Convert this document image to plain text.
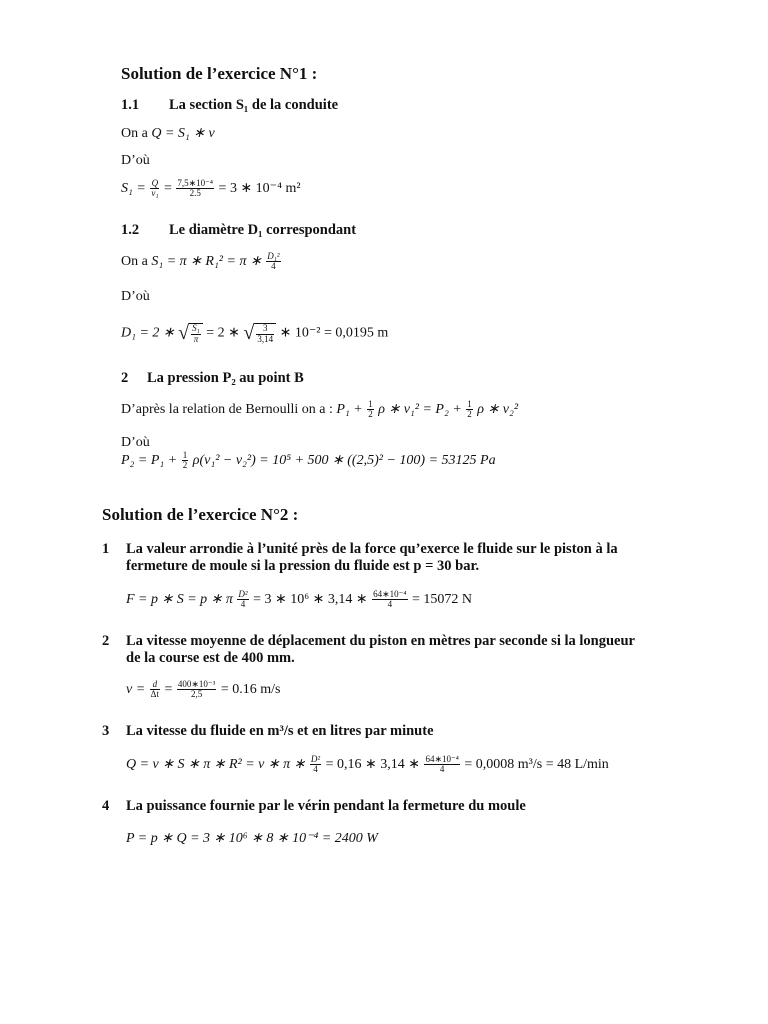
Solution de l’exercice N°1 :
1.1 La section S₁ de la conduite
On a Q = S₁ ∗ v
D’où
$S_1 = \frac{Q}{\text{v₁}} = \frac{\text{7,5∗10⁻⁴}}{2.5} = 3$ ∗ 10⁻⁴ m²
1.2 Le diamètre D₁ correspondant
On a S₁ = π ∗ R₁² = π ∗ $\frac{\text{D₁²}}{4}$
D’où
D₁ = 2 ∗ √ $\frac{\text{S₁}}{\pi} = 2$ ∗ √ $\frac{3}{3,14}$ ∗ 10⁻² = 0,0195 m
2 La pression P₂ au point B
D’après la relation de Bernoulli on a : $P_1 + \frac{1}{2}$ ρ ∗ $v_1^2 = P_2 + \frac{1}{2}$ ρ ∗ v₂²
D’où
$P_2 = P_1 + \frac{1}{2} \rho(v_1^2 - v_2^2) = 10^5 + 500$ ∗ ((2,5)² − 100) = 53125 Pa
Solution de l’exercice N°2 :
1 La valeur arrondie à l’unité près de la force qu’exerce le fluide sur le piston à la
fermeture de moule si la pression du fluide est p = 30 bar.
F = p ∗ S = p ∗ π $\frac{\text{D²}}{4} = 3$ ∗ 10⁶ ∗ 3,14 ∗ $\frac{\text{64∗10⁻⁴}}{4} = 15072$ N
2 La vitesse moyenne de déplacement du piston en mètres par seconde si la longueur
de la course est de 400 mm.
$v = \frac{d}{\Delta t} = \frac{\text{400∗10⁻³}}{2,5} = 0.16$ m/s
3 La vitesse du fluide en m³/s et en litres par minute
Q = v ∗ S ∗ π ∗ R² = v ∗ π ∗ $\frac{\text{D²}}{4} = 0,16$ ∗ 3,14 ∗ $\frac{\text{64∗10⁻⁴}}{4} = 0,0008$ m³/s = 48 L/min
4 La puissance fournie par le vérin pendant la fermeture du moule
P = p ∗ Q = 3 ∗ 10⁶ ∗ 8 ∗ 10⁻⁴ = 2400 W
